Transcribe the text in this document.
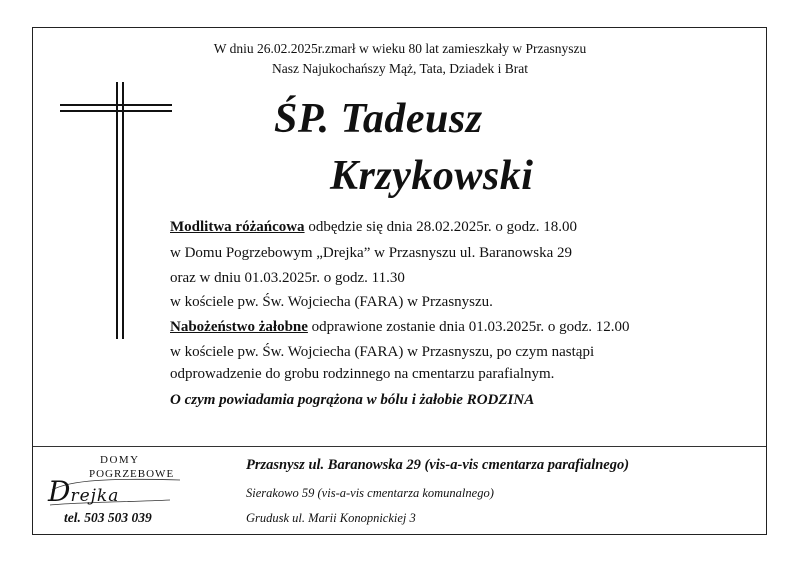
W dniu 26.02.2025r.zmarł w wieku 80 lat zamieszkały w Przasnyszu
Nasz Najukochańszy Mąż, Tata, Dziadek i Brat
ŚP. Tadeusz
Krzykowski
Modlitwa różańcowa odbędzie się dnia 28.02.2025r. o godz. 18.00
w Domu Pogrzebowym „Drejka” w Przasnyszu ul. Baranowska 29
oraz w dniu 01.03.2025r. o godz. 11.30
w kościele pw. Św. Wojciecha (FARA) w Przasnyszu.
Nabożeństwo żałobne odprawione zostanie dnia 01.03.2025r. o godz. 12.00
w kościele pw. Św. Wojciecha (FARA) w Przasnyszu, po czym nastąpi
odprowadzenie do grobu rodzinnego na cmentarzu parafialnym.
O czym powiadamia pogrążona w bólu i żałobie RODZINA
DOMY
POGRZEBOWE
Drejka
tel. 503 503 039
Przasnysz ul. Baranowska 29 (vis-a-vis cmentarza parafialnego)
Sierakowo 59 (vis-a-vis cmentarza komunalnego)
Grudusk ul. Marii Konopnickiej 3
